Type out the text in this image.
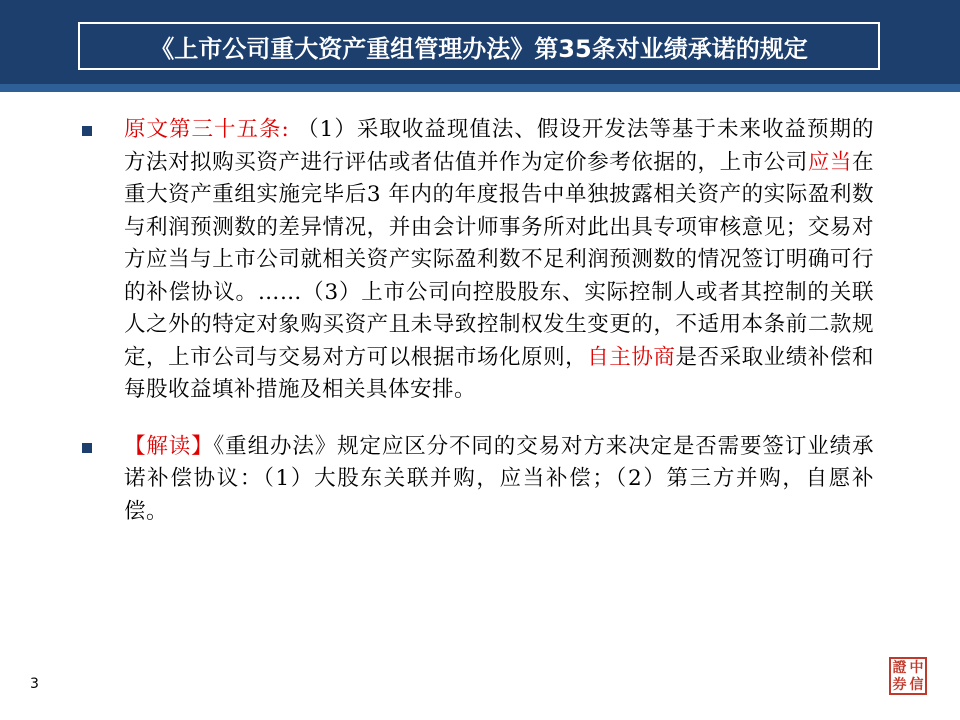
《上市公司重大资产重组管理办法》第35条对业绩承诺的规定
原文第三十五条: （1）采取收益现值法、假设开发法等基于未来收益预期的方法对拟购买资产进行评估或者估值并作为定价参考依据的，上市公司应当在重大资产重组实施完毕后3 年内的年度报告中单独披露相关资产的实际盈利数与利润预测数的差异情况，并由会计师事务所对此出具专项审核意见；交易对方应当与上市公司就相关资产实际盈利数不足利润预测数的情况签订明确可行的补偿协议。……（3）上市公司向控股股东、实际控制人或者其控制的关联人之外的特定对象购买资产且未导致控制权发生变更的，不适用本条前二款规定，上市公司与交易对方可以根据市场化原则，自主协商是否采取业绩补偿和每股收益填补措施及相关具体安排。
【解读】《重组办法》规定应区分不同的交易对方来决定是否需要签订业绩承诺补偿协议：（1）大股东关联并购，应当补偿；（2）第三方并购，自愿补偿。
3
證 中
券 信
